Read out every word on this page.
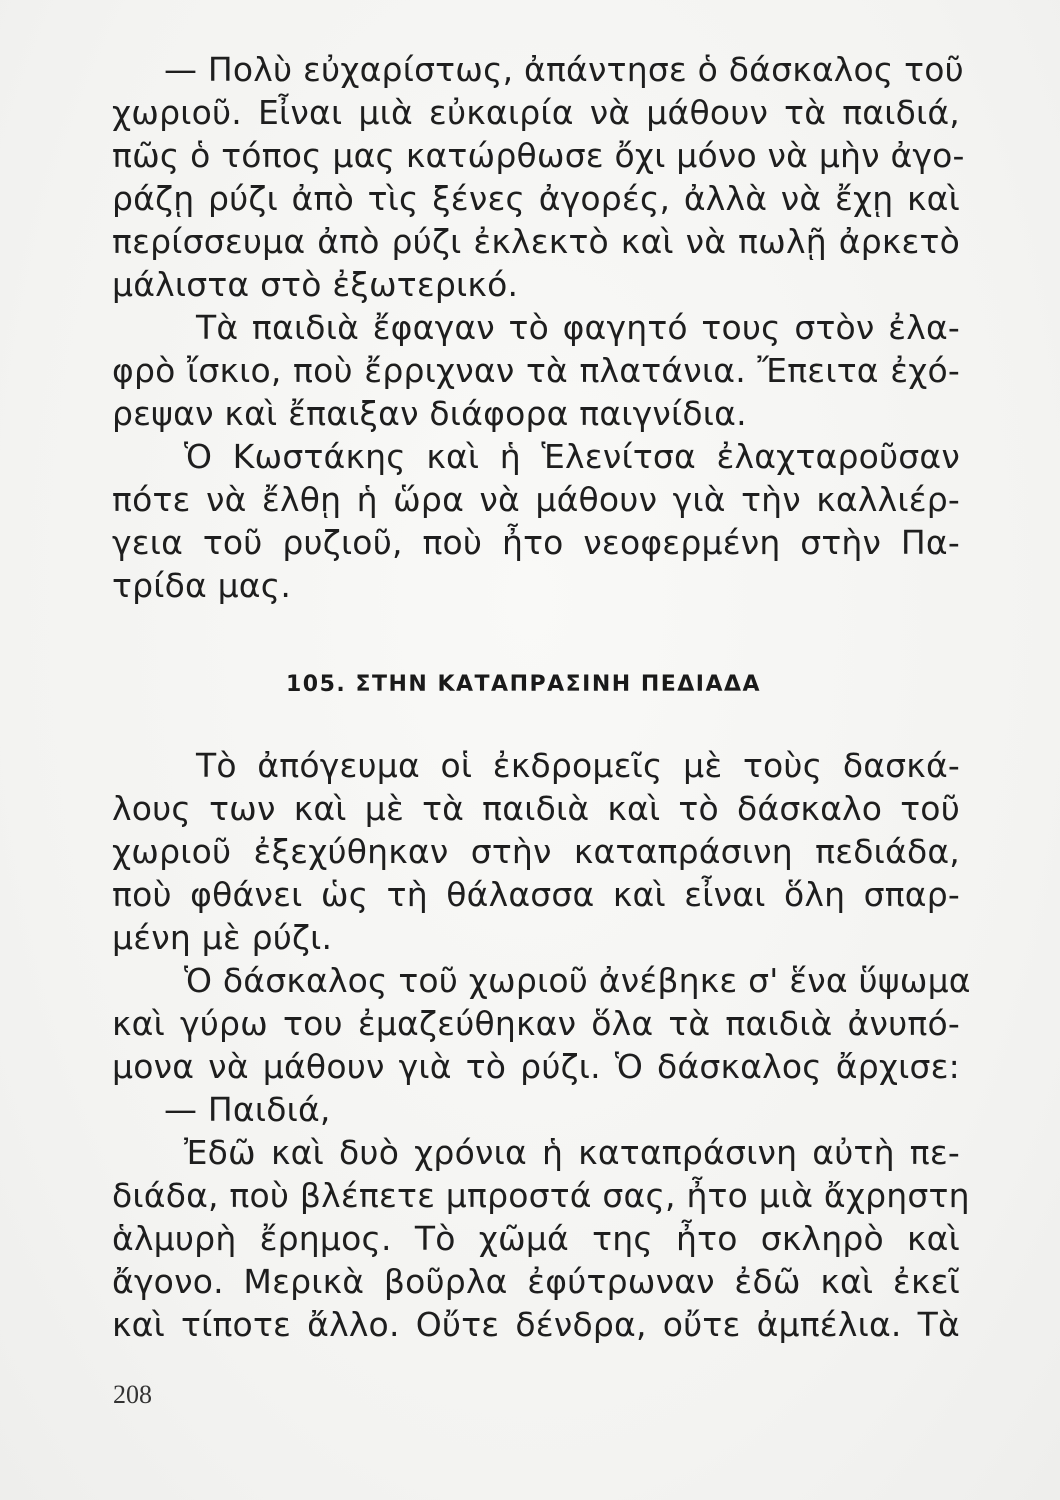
— Πολὺ εὐχαρίστως, ἀπάντησε ὁ δάσκαλος τοῦ
χωριοῦ. Εἶναι μιὰ εὐκαιρία νὰ μάθουν τὰ παιδιά,
πῶς ὁ τόπος μας κατώρθωσε ὄχι μόνο νὰ μὴν ἀγο-
ράζῃ ρύζι ἀπὸ τὶς ξένες ἀγορές, ἀλλὰ νὰ ἔχῃ καὶ
περίσσευμα ἀπὸ ρύζι ἐκλεκτὸ καὶ νὰ πωλῇ ἀρκετὸ
μάλιστα στὸ ἐξωτερικό.
Τὰ παιδιὰ ἔφαγαν τὸ φαγητό τους στὸν ἐλα-
φρὸ ἴσκιο, ποὺ ἔρριχναν τὰ πλατάνια. Ἔπειτα ἐχό-
ρεψαν καὶ ἔπαιξαν διάφορα παιγνίδια.
Ὁ Κωστάκης καὶ ἡ Ἑλενίτσα ἐλαχταροῦσαν
πότε νὰ ἔλθῃ ἡ ὥρα νὰ μάθουν γιὰ τὴν καλλιέρ-
γεια τοῦ ρυζιοῦ, ποὺ ἦτο νεοφερμένη στὴν Πα-
τρίδα μας.
105. ΣΤΗΝ ΚΑΤΑΠΡΑΣΙΝΗ ΠΕΔΙΑΔΑ
Τὸ ἀπόγευμα οἱ ἐκδρομεῖς μὲ τοὺς δασκά-
λους των καὶ μὲ τὰ παιδιὰ καὶ τὸ δάσκαλο τοῦ
χωριοῦ ἐξεχύθηκαν στὴν καταπράσινη πεδιάδα,
ποὺ φθάνει ὡς τὴ θάλασσα καὶ εἶναι ὅλη σπαρ-
μένη μὲ ρύζι.
Ὁ δάσκαλος τοῦ χωριοῦ ἀνέβηκε σ' ἕνα ὕψωμα
καὶ γύρω του ἐμαζεύθηκαν ὅλα τὰ παιδιὰ ἀνυπό-
μονα νὰ μάθουν γιὰ τὸ ρύζι. Ὁ δάσκαλος ἄρχισε:
— Παιδιά,
Ἐδῶ καὶ δυὸ χρόνια ἡ καταπράσινη αὐτὴ πε-
διάδα, ποὺ βλέπετε μπροστά σας, ἦτο μιὰ ἄχρηστη
ἁλμυρὴ ἔρημος. Τὸ χῶμά της ἦτο σκληρὸ καὶ
ἄγονο. Μερικὰ βοῦρλα ἐφύτρωναν ἐδῶ καὶ ἐκεῖ
καὶ τίποτε ἄλλο. Οὔτε δένδρα, οὔτε ἀμπέλια. Τὰ
208
